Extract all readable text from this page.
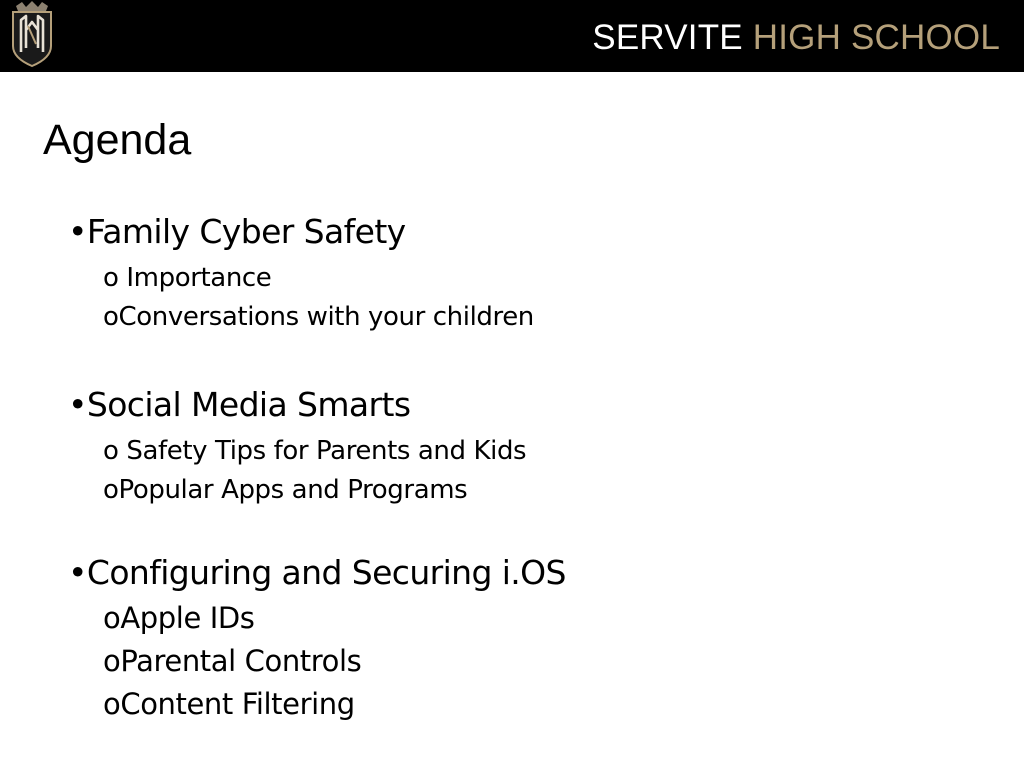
SERVITE HIGH SCHOOL
Agenda
•Family Cyber Safety
o Importance
oConversations with your children
•Social Media Smarts
o Safety Tips for Parents and Kids
oPopular Apps and Programs
•Configuring and Securing i.OS
oApple IDs
oParental Controls
oContent Filtering
